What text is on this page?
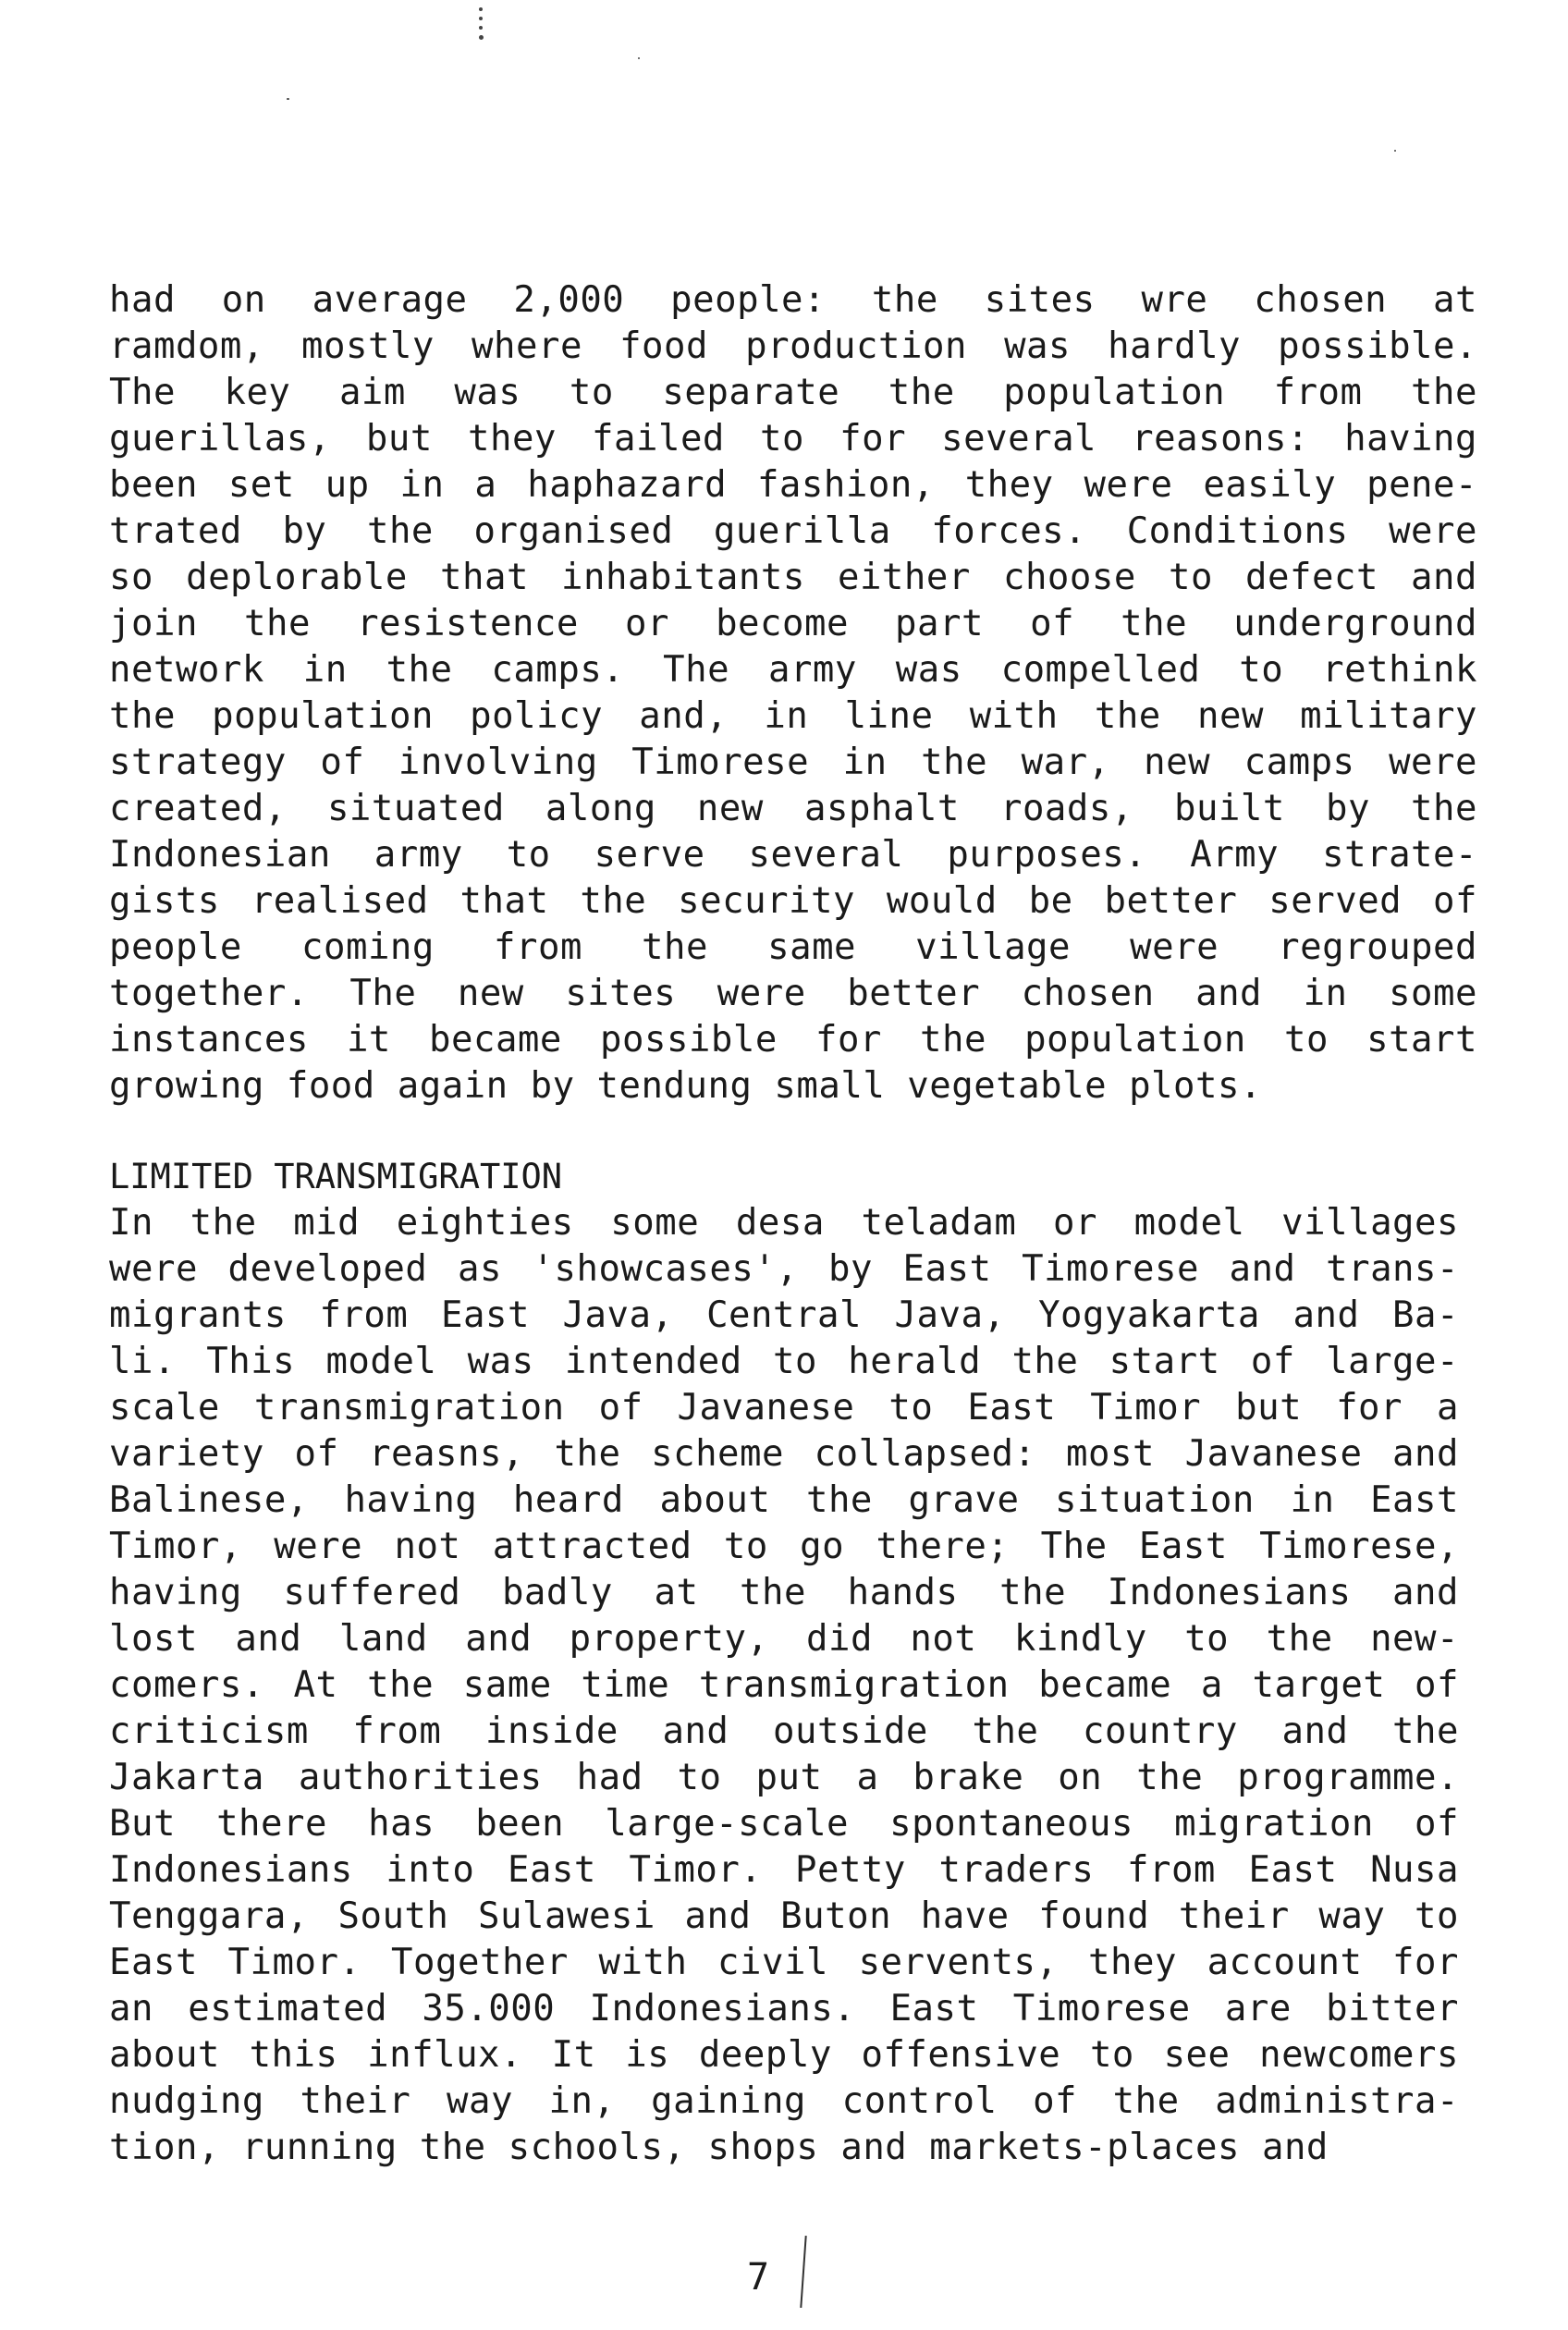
had on average 2,000 people: the sites wre chosen at
ramdom, mostly where food production was hardly possible.
The key aim was to separate the population from the
guerillas, but they failed to for several reasons: having
been set up in a haphazard fashion, they were easily pene-
trated by the organised guerilla forces. Conditions were
so deplorable that inhabitants either choose to defect and
join the resistence or become part of the underground
network in the camps. The army was compelled to rethink
the population policy and, in line with the new military
strategy of involving Timorese in the war, new camps were
created, situated along new asphalt roads, built by the
Indonesian army to serve several purposes. Army strate-
gists realised that the security would be better served of
people coming from the same village were regrouped
together. The new sites were better chosen and in some
instances it became possible for the population to start
growing food again by tendung small vegetable plots.
LIMITED TRANSMIGRATION
In the mid eighties some desa teladam or model villages
were developed as 'showcases', by East Timorese and trans-
migrants from East Java, Central Java, Yogyakarta and Ba-
li. This model was intended to herald the start of large-
scale transmigration of Javanese to East Timor but for a
variety of reasns, the scheme collapsed: most Javanese and
Balinese, having heard about the grave situation in East
Timor, were not attracted to go there; The East Timorese,
having suffered badly at the hands the Indonesians and
lost and land and property, did not kindly to the new-
comers. At the same time transmigration became a target of
criticism from inside and outside the country and the
Jakarta authorities had to put a brake on the programme.
But there has been large-scale spontaneous migration of
Indonesians into East Timor. Petty traders from East Nusa
Tenggara, South Sulawesi and Buton have found their way to
East Timor. Together with civil servents, they account for
an estimated 35.000 Indonesians. East Timorese are bitter
about this influx. It is deeply offensive to see newcomers
nudging their way in, gaining control of the administra-
tion, running the schools, shops and markets-places and
7
